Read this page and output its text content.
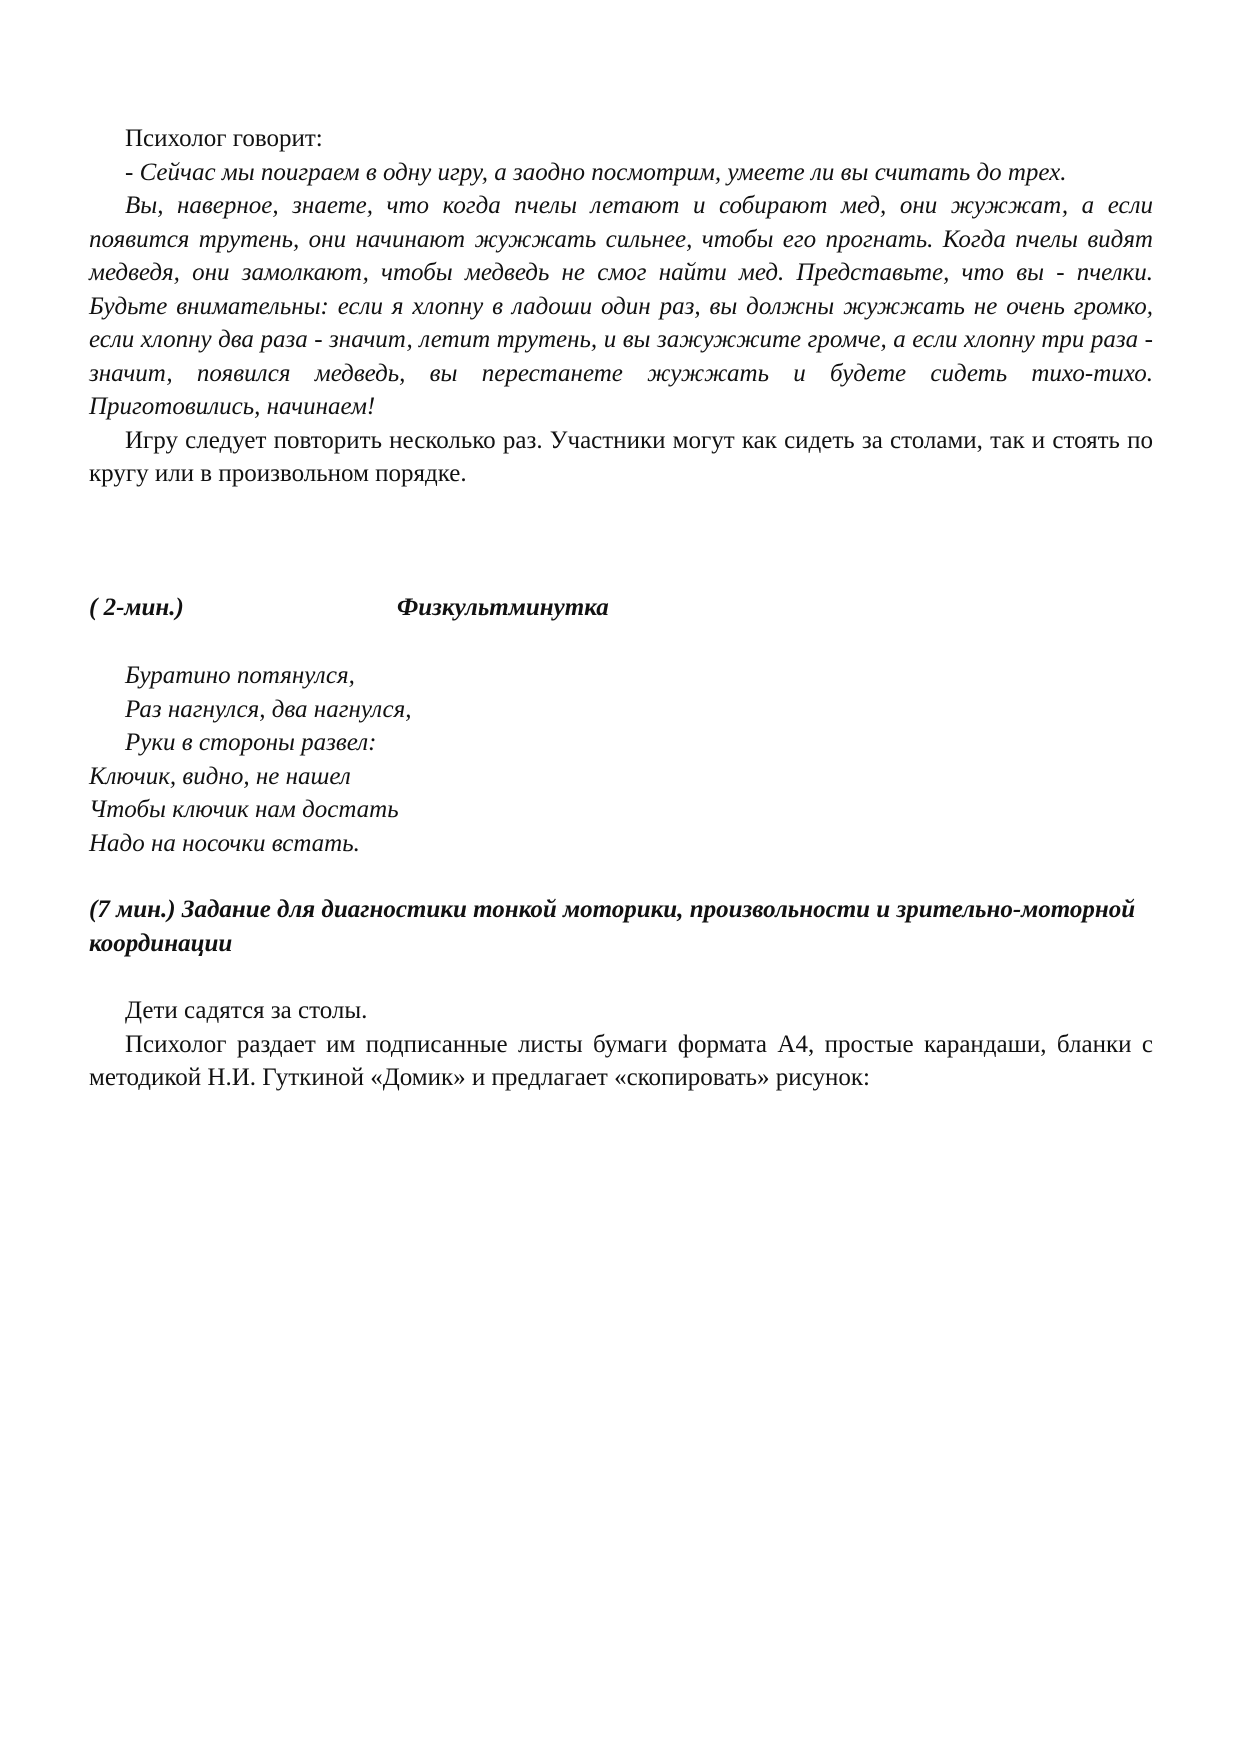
Психолог говорит:

- Сейчас мы поиграем в одну игру, а заодно посмотрим, умеете ли вы считать до трех.

Вы, наверное, знаете, что когда пчелы летают и собирают мед, они жужжат, а если появится трутень, они начинают жужжать сильнее, чтобы его прогнать. Когда пчелы видят медведя, они замолкают, чтобы медведь не смог найти мед. Представьте, что вы - пчелки. Будьте внимательны: если я хлопну в ладоши один раз, вы должны жужжать не очень громко, если хлопну два раза - значит, летит трутень, и вы зажужжите громче, а если хлопну три раза - значит, появился медведь, вы перестанете жужжать и будете сидеть тихо-тихо. Приготовились, начинаем!

Игру следует повторить несколько раз. Участники могут как сидеть за столами, так и стоять по кругу или в произвольном порядке.

( 2-мин.)	Физкультминутка

Буратино потянулся,

Раз нагнулся, два нагнулся,

Руки в стороны развел:

Ключик, видно, не нашел

Чтобы ключик нам достать

Надо на носочки встать.

(7 мин.) Задание для диагностики тонкой моторики, произвольности и зрительно-моторной координации

Дети садятся за столы.

Психолог раздает им подписанные листы бумаги формата А4, простые карандаши, бланки с методикой Н.И. Гуткиной «Домик» и предлагает «скопировать» рисунок:
